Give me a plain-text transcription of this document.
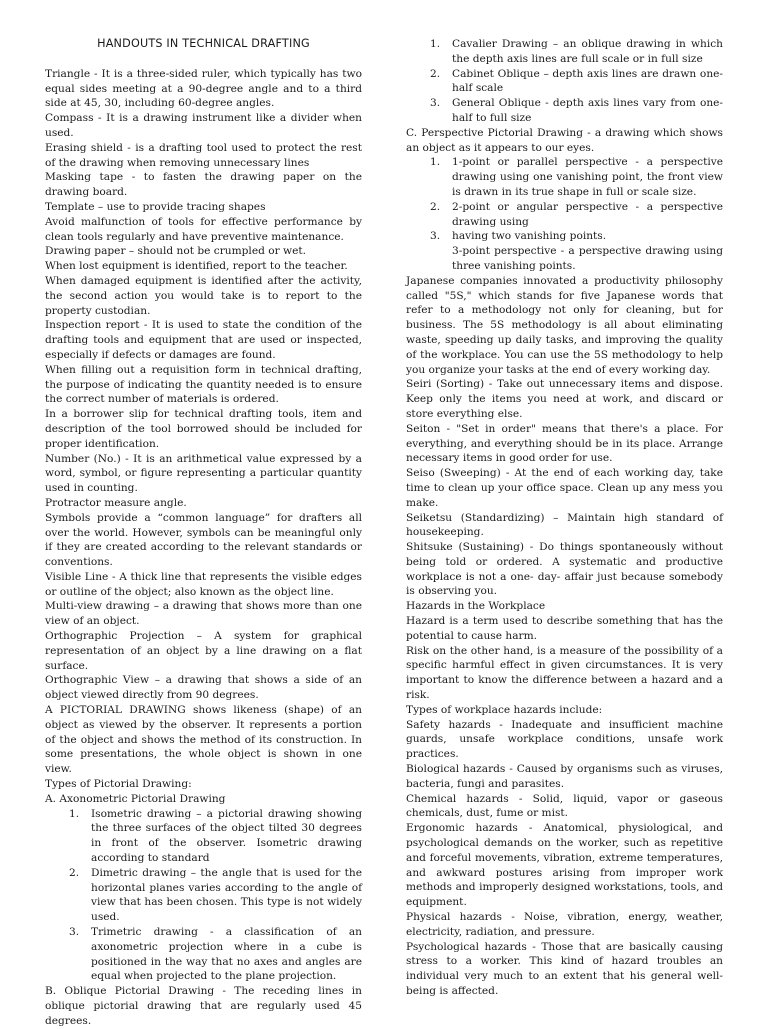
HANDOUTS IN TECHNICAL DRAFTING

Triangle - It is a three-sided ruler, which typically has two equal sides meeting at a 90-degree angle and to a third side at 45, 30, including 60-degree angles.

Compass - It is a drawing instrument like a divider when used.

Erasing shield - is a drafting tool used to protect the rest of the drawing when removing unnecessary lines

Masking tape - to fasten the drawing paper on the drawing board.

Template – use to provide tracing shapes

Avoid malfunction of tools for effective performance by clean tools regularly and have preventive maintenance.

Drawing paper – should not be crumpled or wet.

When lost equipment is identified, report to the teacher.

When damaged equipment is identified after the activity, the second action you would take is to report to the property custodian.

Inspection report - It is used to state the condition of the drafting tools and equipment that are used or inspected, especially if defects or damages are found.

When filling out a requisition form in technical drafting, the purpose of indicating the quantity needed is to ensure the correct number of materials is ordered.

In a borrower slip for technical drafting tools, item and description of the tool borrowed should be included for proper identification.

Number (No.) - It is an arithmetical value expressed by a word, symbol, or figure representing a particular quantity used in counting.

Protractor measure angle.

Symbols provide a “common language” for drafters all over the world. However, symbols can be meaningful only if they are created according to the relevant standards or conventions.

Visible Line - A thick line that represents the visible edges or outline of the object; also known as the object line.

Multi-view drawing – a drawing that shows more than one view of an object.

Orthographic Projection – A system for graphical representation of an object by a line drawing on a flat surface.

Orthographic View – a drawing that shows a side of an object viewed directly from 90 degrees.

A PICTORIAL DRAWING shows likeness (shape) of an object as viewed by the observer. It represents a portion of the object and shows the method of its construction. In some presentations, the whole object is shown in one view.

Types of Pictorial Drawing:

A. Axonometric Pictorial Drawing

1. Isometric drawing – a pictorial drawing showing the three surfaces of the object tilted 30 degrees in front of the observer. Isometric drawing according to standard
2. Dimetric drawing – the angle that is used for the horizontal planes varies according to the angle of view that has been chosen. This type is not widely used.
3. Trimetric drawing - a classification of an axonometric projection where in a cube is positioned in the way that no axes and angles are equal when projected to the plane projection.

B. Oblique Pictorial Drawing - The receding lines in oblique pictorial drawing that are regularly used 45 degrees.

1. Cavalier Drawing – an oblique drawing in which the depth axis lines are full scale or in full size
2. Cabinet Oblique – depth axis lines are drawn one-half scale
3. General Oblique - depth axis lines vary from one-half to full size

C. Perspective Pictorial Drawing - a drawing which shows an object as it appears to our eyes.

1. 1-point or parallel perspective - a perspective drawing using one vanishing point, the front view is drawn in its true shape in full or scale size.
2. 2-point or angular perspective - a perspective drawing using
3. having two vanishing points.

3-point perspective - a perspective drawing using three vanishing points.

Japanese companies innovated a productivity philosophy called "5S," which stands for five Japanese words that refer to a methodology not only for cleaning, but for business. The 5S methodology is all about eliminating waste, speeding up daily tasks, and improving the quality of the workplace. You can use the 5S methodology to help you organize your tasks at the end of every working day.

Seiri (Sorting) - Take out unnecessary items and dispose. Keep only the items you need at work, and discard or store everything else.

Seiton - "Set in order" means that there's a place. For everything, and everything should be in its place. Arrange necessary items in good order for use.

Seiso (Sweeping) - At the end of each working day, take time to clean up your office space. Clean up any mess you make.

Seiketsu (Standardizing) – Maintain high standard of housekeeping.

Shitsuke (Sustaining) - Do things spontaneously without being told or ordered. A systematic and productive workplace is not a one- day- affair just because somebody is observing you.

Hazards in the Workplace

Hazard is a term used to describe something that has the potential to cause harm.

Risk on the other hand, is a measure of the possibility of a specific harmful effect in given circumstances. It is very important to know the difference between a hazard and a risk.

Types of workplace hazards include:

Safety hazards - Inadequate and insufficient machine guards, unsafe workplace conditions, unsafe work practices.

Biological hazards - Caused by organisms such as viruses, bacteria, fungi and parasites.

Chemical hazards - Solid, liquid, vapor or gaseous chemicals, dust, fume or mist.

Ergonomic hazards - Anatomical, physiological, and psychological demands on the worker, such as repetitive and forceful movements, vibration, extreme temperatures, and awkward postures arising from improper work methods and improperly designed workstations, tools, and equipment.

Physical hazards - Noise, vibration, energy, weather, electricity, radiation, and pressure.

Psychological hazards - Those that are basically causing stress to a worker. This kind of hazard troubles an individual very much to an extent that his general well-being is affected.
